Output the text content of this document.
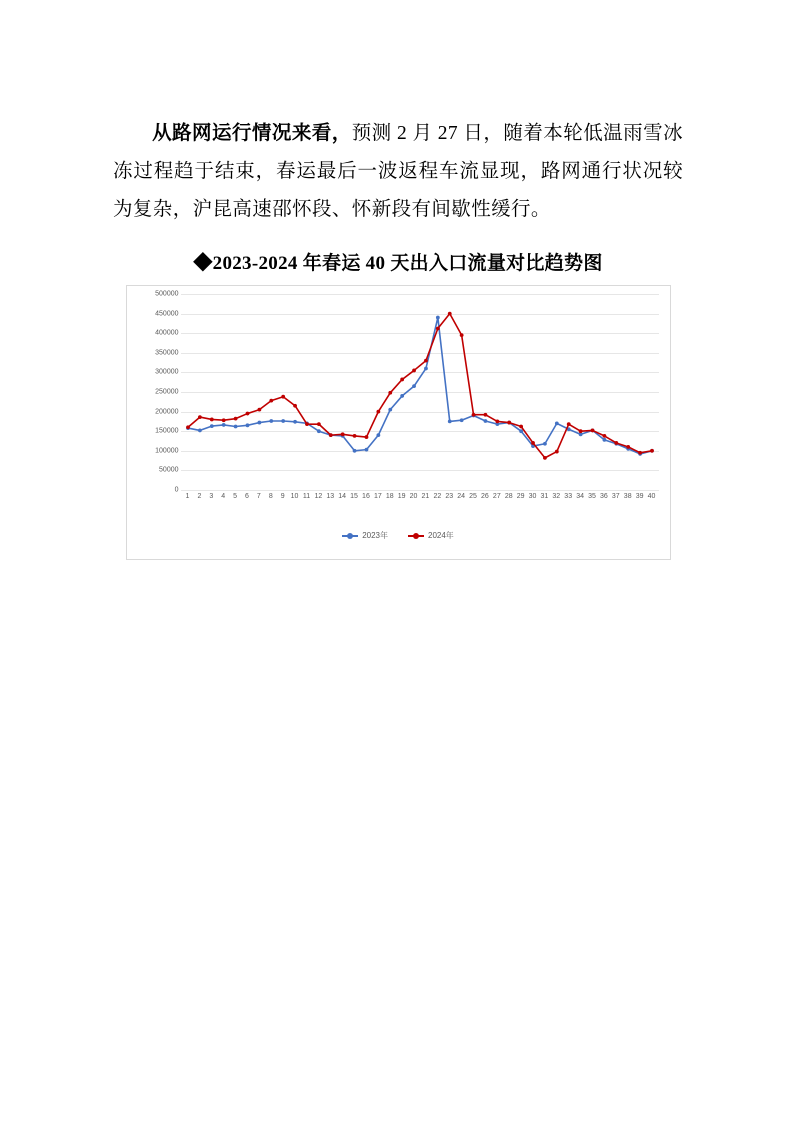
从路网运行情况来看，预测 2 月 27 日，随着本轮低温雨雪冰冻过程趋于结束，春运最后一波返程车流显现，路网通行状况较为复杂，沪昆高速邵怀段、怀新段有间歇性缓行。

◆2023-2024 年春运 40 天出入口流量对比趋势图
500000
450000
400000
350000
300000
250000
200000
150000
100000
50000
0
1 2 3 4 5 6 7 8 9 10 11 12 13 14 15 16 17 18 19 20 21 22 23 24 25 26 27 28 29 30 31 32 33 34 35 36 37 38 39 40
2023年	2024年
